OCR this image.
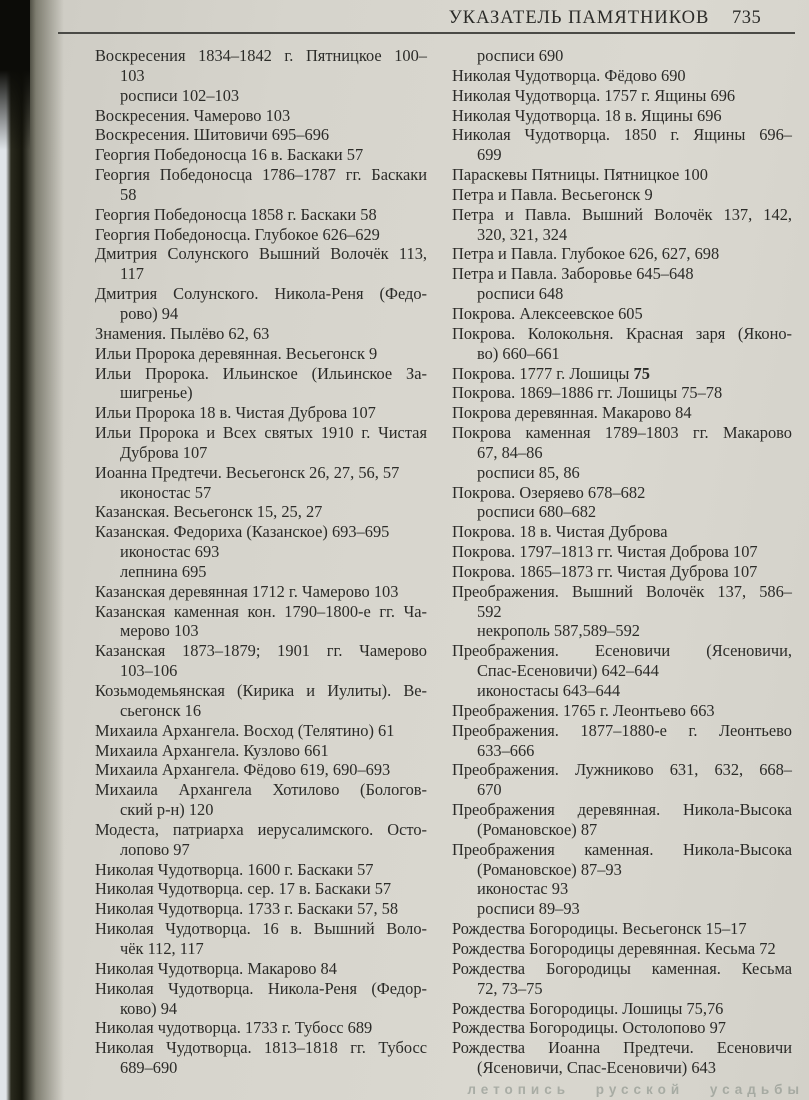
УКАЗАТЕЛЬ ПАМЯТНИКОВ 735
Воскресения 1834–1842 г. Пятницкое 100–
103
росписи 102–103
Воскресения. Чамерово 103
Воскресения. Шитовичи 695–696
Георгия Победоносца 16 в. Баскаки 57
Георгия Победоносца 1786–1787 гг. Баскаки
58
Георгия Победоносца 1858 г. Баскаки 58
Георгия Победоносца. Глубокое 626–629
Дмитрия Солунского Вышний Волочёк 113,
117
Дмитрия Солунского. Никола-Реня (Федо-
рово) 94
Знамения. Пылёво 62, 63
Ильи Пророка деревянная. Весьегонск 9
Ильи Пророка. Ильинское (Ильинское За-
шигренье)
Ильи Пророка 18 в. Чистая Дуброва 107
Ильи Пророка и Всех святых 1910 г. Чистая
Дуброва 107
Иоанна Предтечи. Весьегонск 26, 27, 56, 57
иконостас 57
Казанская. Весьегонск 15, 25, 27
Казанская. Федориха (Казанское) 693–695
иконостас 693
лепнина 695
Казанская деревянная 1712 г. Чамерово 103
Казанская каменная кон. 1790–1800-е гг. Ча-
мерово 103
Казанская 1873–1879; 1901 гг. Чамерово
103–106
Козьмодемьянская (Кирика и Иулиты). Ве-
сьегонск 16
Михаила Архангела. Восход (Телятино) 61
Михаила Архангела. Кузлово 661
Михаила Архангела. Фёдово 619, 690–693
Михаила Архангела Хотилово (Бологов-
ский р-н) 120
Модеста, патриарха иерусалимского. Осто-
лопово 97
Николая Чудотворца. 1600 г. Баскаки 57
Николая Чудотворца. сер. 17 в. Баскаки 57
Николая Чудотворца. 1733 г. Баскаки 57, 58
Николая Чудотворца. 16 в. Вышний Воло-
чёк 112, 117
Николая Чудотворца. Макарово 84
Николая Чудотворца. Никола-Реня (Федор-
ково) 94
Николая чудотворца. 1733 г. Тубосс 689
Николая Чудотворца. 1813–1818 гг. Тубосс
689–690
росписи 690
Николая Чудотворца. Фёдово 690
Николая Чудотворца. 1757 г. Ящины 696
Николая Чудотворца. 18 в. Ящины 696
Николая Чудотворца. 1850 г. Ящины 696–
699
Параскевы Пятницы. Пятницкое 100
Петра и Павла. Весьегонск 9
Петра и Павла. Вышний Волочёк 137, 142,
320, 321, 324
Петра и Павла. Глубокое 626, 627, 698
Петра и Павла. Заборовье 645–648
росписи 648
Покрова. Алексеевское 605
Покрова. Колокольня. Красная заря (Яконо-
во) 660–661
Покрова. 1777 г. Лошицы 75
Покрова. 1869–1886 гг. Лошицы 75–78
Покрова деревянная. Макарово 84
Покрова каменная 1789–1803 гг. Макарово
67, 84–86
росписи 85, 86
Покрова. Озеряево 678–682
росписи 680–682
Покрова. 18 в. Чистая Дуброва
Покрова. 1797–1813 гг. Чистая Доброва 107
Покрова. 1865–1873 гг. Чистая Дуброва 107
Преображения. Вышний Волочёк 137, 586–
592
некрополь 587,589–592
Преображения. Есеновичи (Ясеновичи,
Спас-Есеновичи) 642–644
иконостасы 643–644
Преображения. 1765 г. Леонтьево 663
Преображения. 1877–1880-е г. Леонтьево
633–666
Преображения. Лужниково 631, 632, 668–
670
Преображения деревянная. Никола-Высока
(Романовское) 87
Преображения каменная. Никола-Высока
(Романовское) 87–93
иконостас 93
росписи 89–93
Рождества Богородицы. Весьегонск 15–17
Рождества Богородицы деревянная. Кесьма 72
Рождества Богородицы каменная. Кесьма
72, 73–75
Рождества Богородицы. Лошицы 75,76
Рождества Богородицы. Остолопово 97
Рождества Иоанна Предтечи. Есеновичи
(Ясеновичи, Спас-Есеновичи) 643
летопись русской усадьбы
